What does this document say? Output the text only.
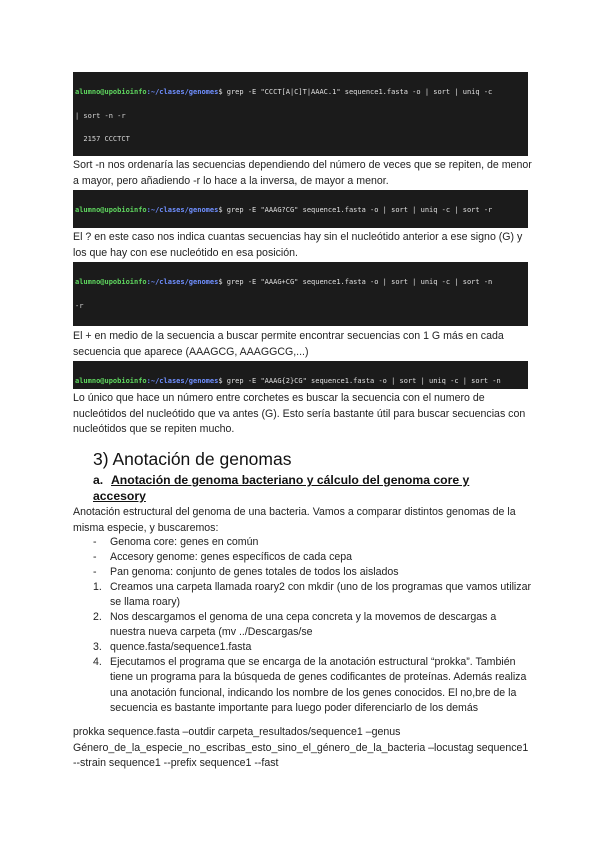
alumno@upobioinfo:~/clases/genomes$ grep -E "CCCT[A|C]T|AAAC.1" sequence1.fasta -o | sort | uniq -c

| sort -n -r

2157 CCCTCT

Sort -n nos ordenaría las secuencias dependiendo del número de veces que se repiten, de menor a mayor, pero añadiendo -r lo hace a la inversa, de mayor a menor.

alumno@upobioinfo:~/clases/genomes$ grep -E "AAAG?CG" sequence1.fasta -o | sort | uniq -c | sort -r

El ? en este caso nos indica cuantas secuencias hay sin el nucleótido anterior a ese signo (G) y los que hay con ese nucleótido en esa posición.

alumno@upobioinfo:~/clases/genomes$ grep -E "AAAG+CG" sequence1.fasta -o | sort | uniq -c | sort -n

-r

El + en medio de la secuencia a buscar permite encontrar secuencias con 1 G más en cada secuencia que aparece (AAAGCG, AAAGGCG,...)

alumno@upobioinfo:~/clases/genomes$ grep -E "AAAG{2}CG" sequence1.fasta -o | sort | uniq -c | sort -n

Lo único que hace un número entre corchetes es buscar la secuencia con el numero de nucleótidos del nucleótido que va antes (G). Esto sería bastante útil para buscar secuencias con nucleótidos que se repiten mucho.
3) Anotación de genomas
a. Anotación de genoma bacteriano y cálculo del genoma core y accesory
Anotación estructural del genoma de una bacteria. Vamos a comparar distintos genomas de la misma especie, y buscaremos:
- Genoma core: genes en común
- Accesory genome: genes específicos de cada cepa
- Pan genoma: conjunto de genes totales de todos los aislados
1. Creamos una carpeta llamada roary2 con mkdir (uno de los programas que vamos utilizar se llama roary)
2. Nos descargamos el genoma de una cepa concreta y la movemos de descargas a nuestra nueva carpeta (mv ../Descargas/se
3. quence.fasta/sequence1.fasta
4. Ejecutamos el programa que se encarga de la anotación estructural “prokka”. También tiene un programa para la búsqueda de genes codificantes de proteínas. Además realiza una anotación funcional, indicando los nombre de los genes conocidos. El no,bre de la secuencia es bastante importante para luego poder diferenciarlo de los demás
prokka sequence.fasta –outdir carpeta_resultados/sequence1 –genus Género_de_la_especie_no_escribas_esto_sino_el_género_de_la_bacteria –locustag sequence1 --strain sequence1 --prefix sequence1 --fast
